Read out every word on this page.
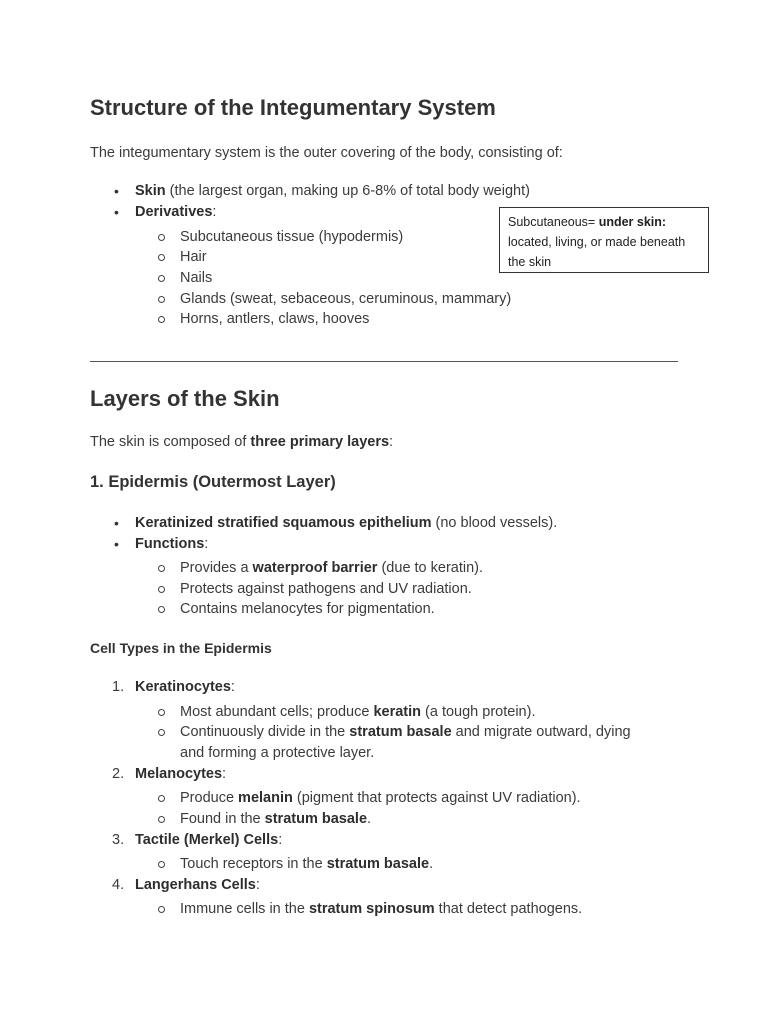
Structure of the Integumentary System

The integumentary system is the outer covering of the body, consisting of:

• Skin (the largest organ, making up 6-8% of total body weight)
• Derivatives:
Subcutaneous tissue (hypodermis)
Hair
Nails
Glands (sweat, sebaceous, ceruminous, mammary)
Horns, antlers, claws, hooves
Layers of the Skin

The skin is composed of three primary layers:

1. Epidermis (Outermost Layer)
• Keratinized stratified squamous epithelium (no blood vessels).
• Functions:
Provides a waterproof barrier (due to keratin).
Protects against pathogens and UV radiation.
Contains melanocytes for pigmentation.
Cell Types in the Epidermis
1. Keratinocytes:
Most abundant cells; produce keratin (a tough protein).
Continuously divide in the stratum basale and migrate outward, dying
and forming a protective layer.
2. Melanocytes:
Produce melanin (pigment that protects against UV radiation).
Found in the stratum basale.
3. Tactile (Merkel) Cells:
Touch receptors in the stratum basale.
4. Langerhans Cells:
Immune cells in the stratum spinosum that detect pathogens.
Subcutaneous= under skin:
located, living, or made beneath
the skin
